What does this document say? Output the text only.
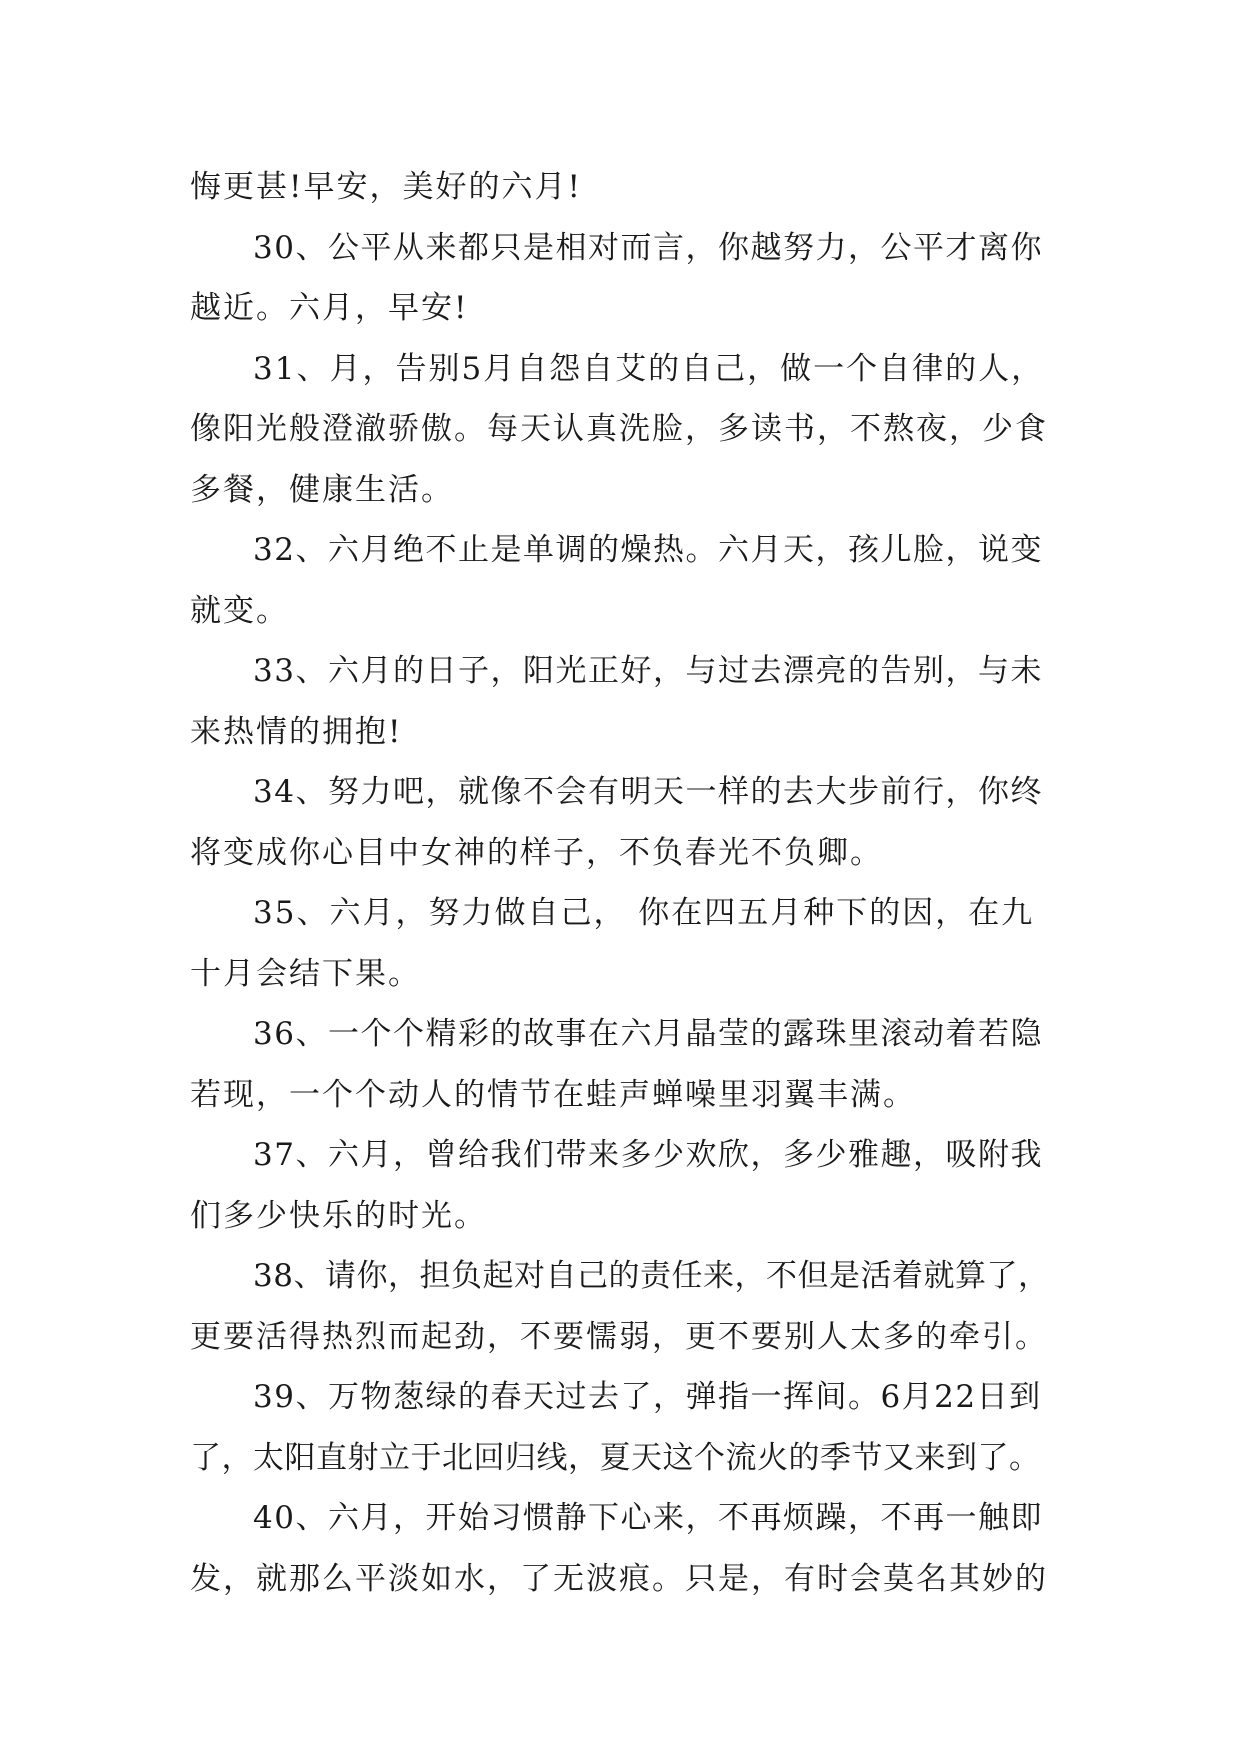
悔更甚!早安，美好的六月!
30、公平从来都只是相对而言，你越努力，公平才离你
越近。六月，早安!
31、月，告别5月自怨自艾的自己，做一个自律的人，
像阳光般澄澈骄傲。每天认真洗脸，多读书，不熬夜，少食
多餐，健康生活。
32、六月绝不止是单调的燥热。六月天，孩儿脸，说变
就变。
33、六月的日子，阳光正好，与过去漂亮的告别，与未
来热情的拥抱!
34、努力吧，就像不会有明天一样的去大步前行，你终
将变成你心目中女神的样子，不负春光不负卿。
35、六月，努力做自己， 你在四五月种下的因，在九
十月会结下果。
36、一个个精彩的故事在六月晶莹的露珠里滚动着若隐
若现，一个个动人的情节在蛙声蝉噪里羽翼丰满。
37、六月，曾给我们带来多少欢欣，多少雅趣，吸附我
们多少快乐的时光。
38、请你，担负起对自己的责任来，不但是活着就算了，
更要活得热烈而起劲，不要懦弱，更不要别人太多的牵引。
39、万物葱绿的春天过去了，弹指一挥间。6月22日到
了，太阳直射立于北回归线，夏天这个流火的季节又来到了。
40、六月，开始习惯静下心来，不再烦躁，不再一触即
发，就那么平淡如水，了无波痕。只是，有时会莫名其妙的
